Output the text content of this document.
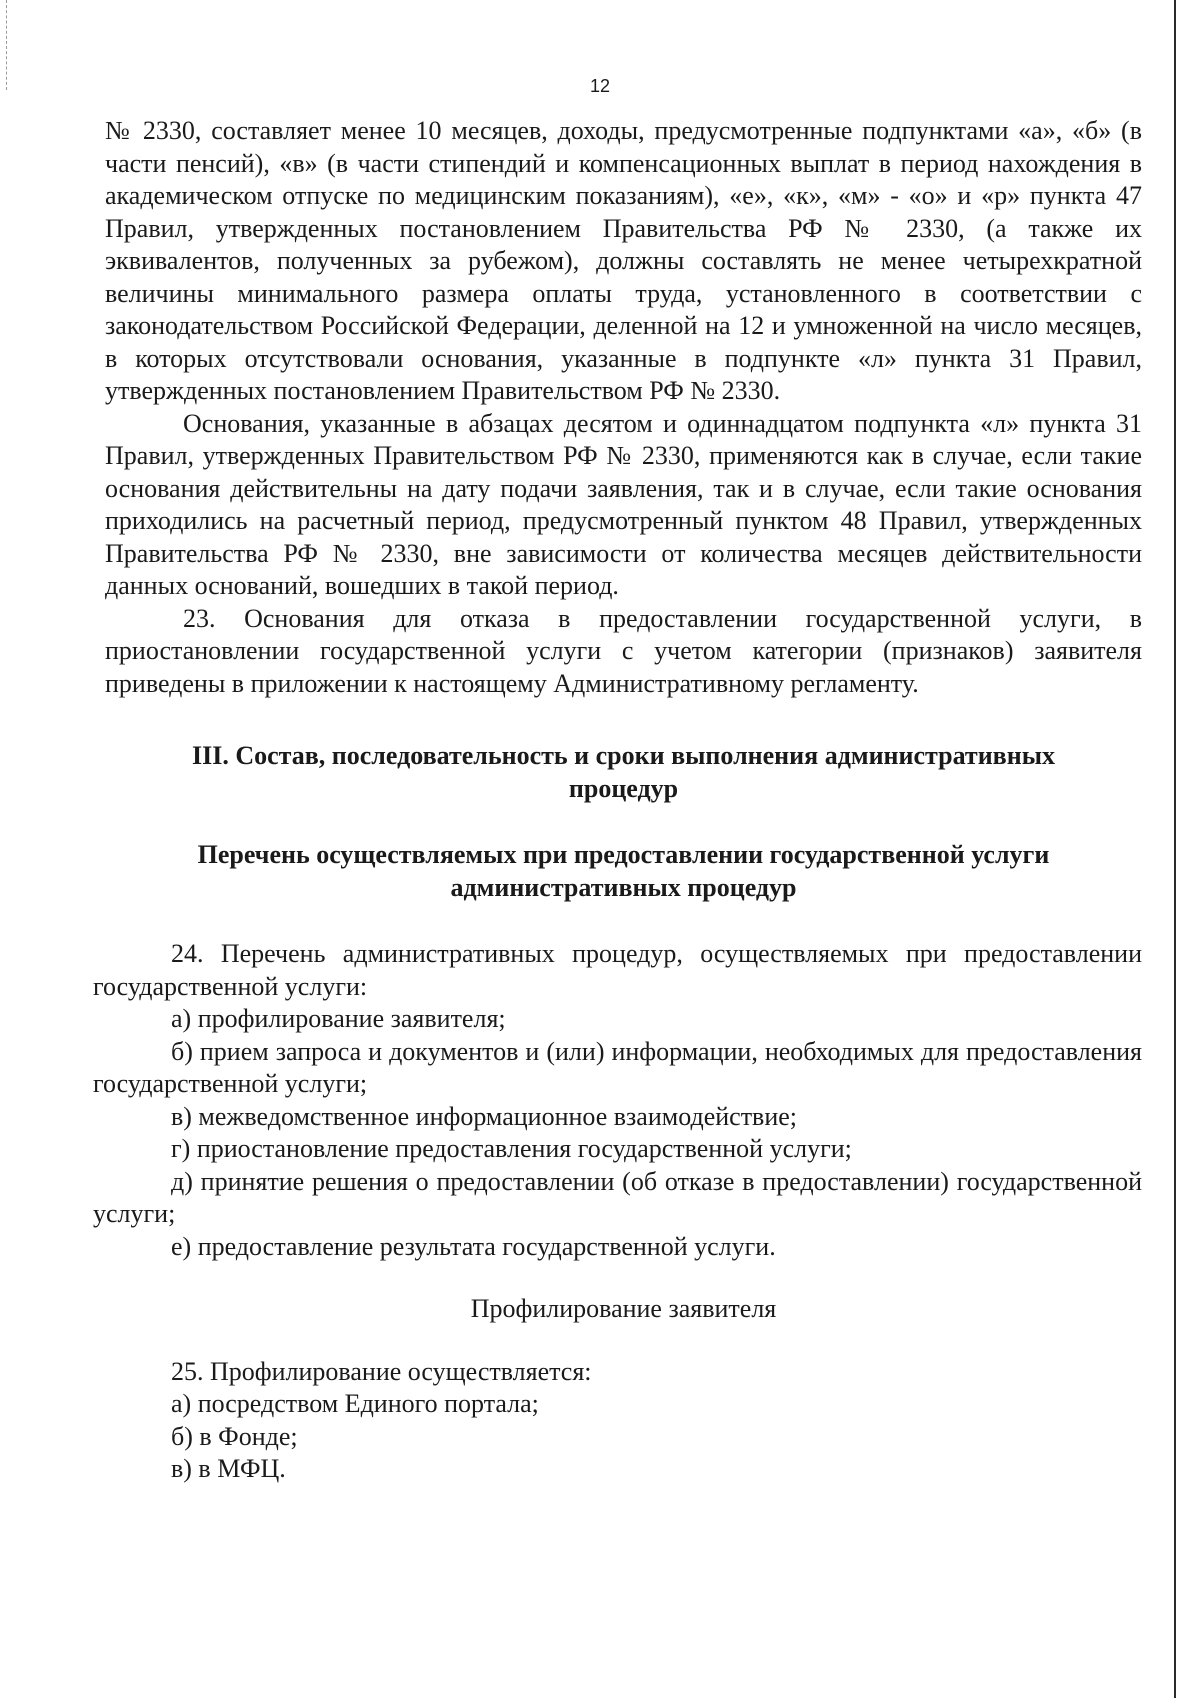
12

№ 2330, составляет менее 10 месяцев, доходы, предусмотренные подпунктами «а», «б» (в части пенсий), «в» (в части стипендий и компенсационных выплат в период нахождения в академическом отпуске по медицинским показаниям), «е», «к», «м» - «о» и «р» пункта 47 Правил, утвержденных постановлением Правительства РФ № 2330, (а также их эквивалентов, полученных за рубежом), должны составлять не менее четырехкратной величины минимального размера оплаты труда, установленного в соответствии с законодательством Российской Федерации, деленной на 12 и умноженной на число месяцев, в которых отсутствовали основания, указанные в подпункте «л» пункта 31 Правил, утвержденных постановлением Правительством РФ № 2330.

Основания, указанные в абзацах десятом и одиннадцатом подпункта «л» пункта 31 Правил, утвержденных Правительством РФ № 2330, применяются как в случае, если такие основания действительны на дату подачи заявления, так и в случае, если такие основания приходились на расчетный период, предусмотренный пунктом 48 Правил, утвержденных Правительства РФ № 2330, вне зависимости от количества месяцев действительности данных оснований, вошедших в такой период.

23. Основания для отказа в предоставлении государственной услуги, в приостановлении государственной услуги с учетом категории (признаков) заявителя приведены в приложении к настоящему Административному регламенту.

III. Состав, последовательность и сроки выполнения административных процедур

Перечень осуществляемых при предоставлении государственной услуги административных процедур

24. Перечень административных процедур, осуществляемых при предоставлении государственной услуги:

а) профилирование заявителя;

б) прием запроса и документов и (или) информации, необходимых для предоставления государственной услуги;

в) межведомственное информационное взаимодействие;

г) приостановление предоставления государственной услуги;

д) принятие решения о предоставлении (об отказе в предоставлении) государственной услуги;

е) предоставление результата государственной услуги.

Профилирование заявителя

25. Профилирование осуществляется:

а) посредством Единого портала;

б) в Фонде;

в) в МФЦ.
